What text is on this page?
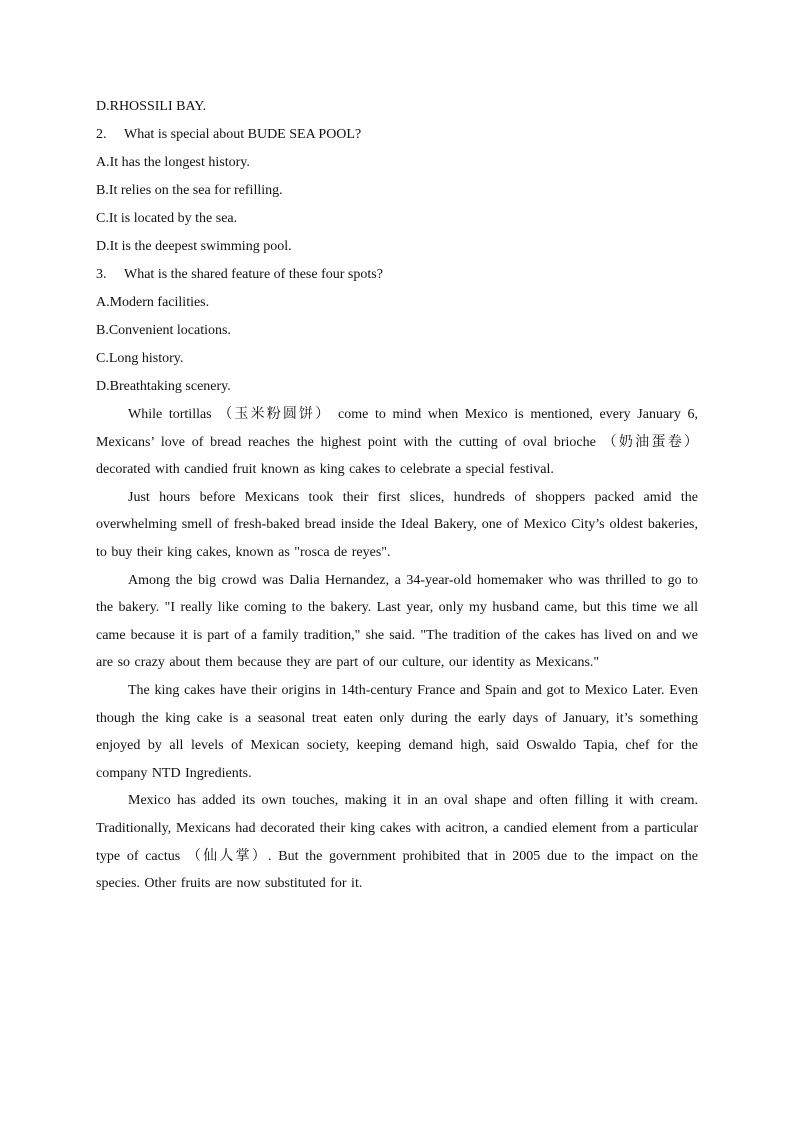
D.RHOSSILI BAY.

2. What is special about BUDE SEA POOL?

A.It has the longest history.

B.It relies on the sea for refilling.

C.It is located by the sea.

D.It is the deepest swimming pool.

3. What is the shared feature of these four spots?

A.Modern facilities.

B.Convenient locations.

C.Long history.

D.Breathtaking scenery.

While tortillas （玉米粉圆饼） come to mind when Mexico is mentioned, every January 6, Mexicans’ love of bread reaches the highest point with the cutting of oval brioche （奶油蛋卷） decorated with candied fruit known as king cakes to celebrate a special festival.

Just hours before Mexicans took their first slices, hundreds of shoppers packed amid the overwhelming smell of fresh-baked bread inside the Ideal Bakery, one of Mexico City’s oldest bakeries, to buy their king cakes, known as "rosca de reyes".

Among the big crowd was Dalia Hernandez, a 34-year-old homemaker who was thrilled to go to the bakery. "I really like coming to the bakery. Last year, only my husband came, but this time we all came because it is part of a family tradition," she said. "The tradition of the cakes has lived on and we are so crazy about them because they are part of our culture, our identity as Mexicans."

The king cakes have their origins in 14th-century France and Spain and got to Mexico Later. Even though the king cake is a seasonal treat eaten only during the early days of January, it’s something enjoyed by all levels of Mexican society, keeping demand high, said Oswaldo Tapia, chef for the company NTD Ingredients.

Mexico has added its own touches, making it in an oval shape and often filling it with cream. Traditionally, Mexicans had decorated their king cakes with acitron, a candied element from a particular type of cactus （仙人掌）. But the government prohibited that in 2005 due to the impact on the species. Other fruits are now substituted for it.
